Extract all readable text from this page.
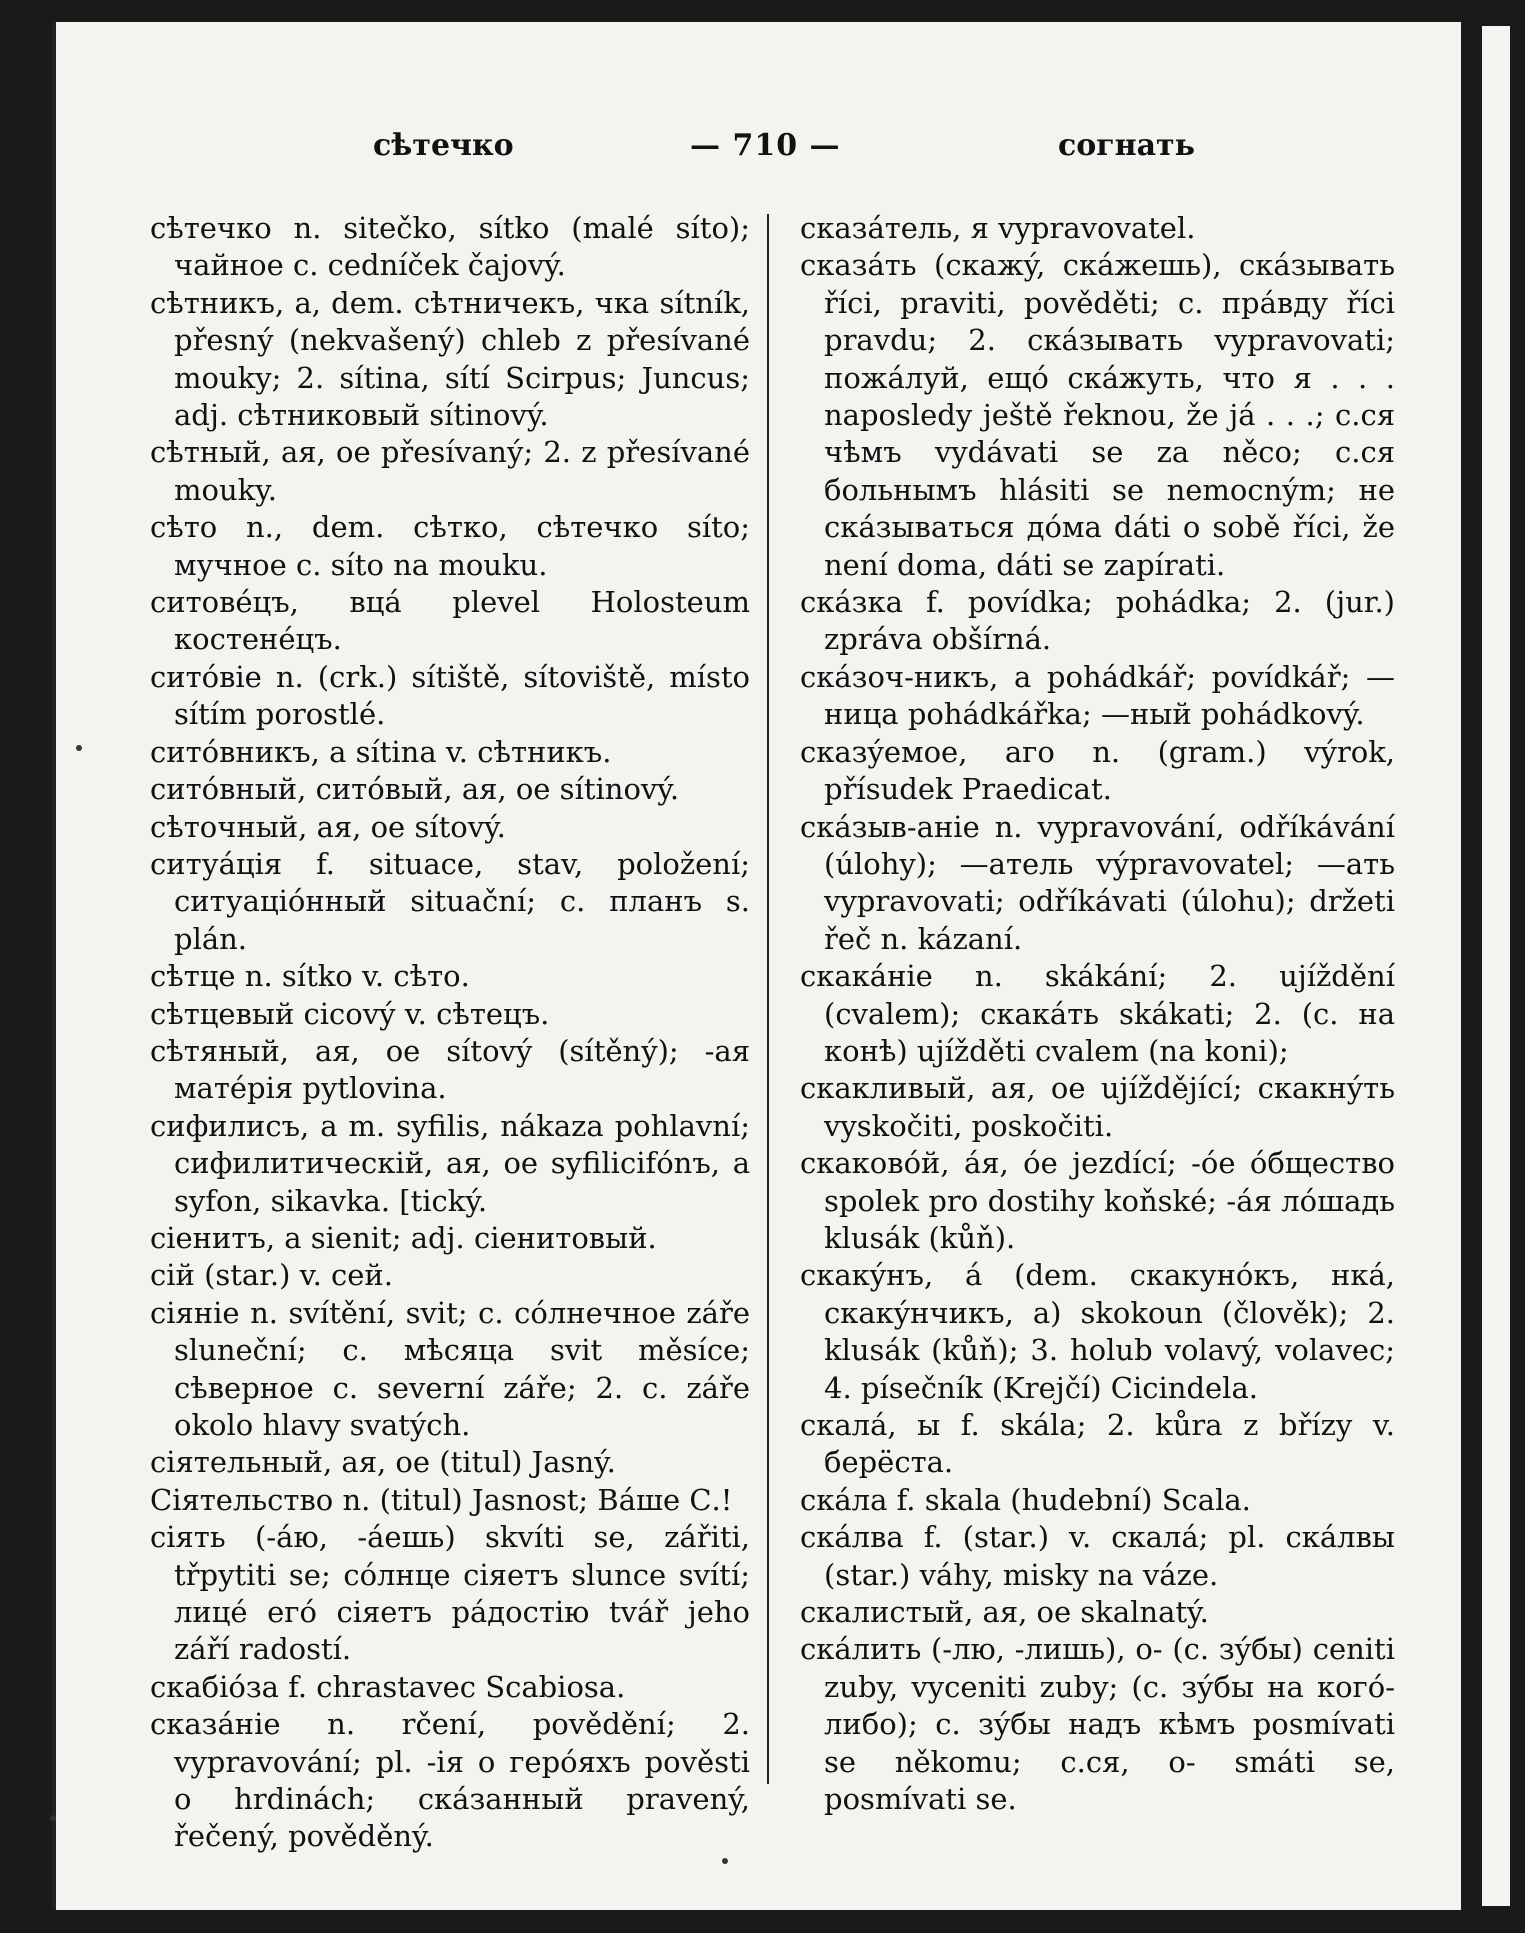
сѣтечко	— 710 —	согнать

сѣтечко n. sitečko, sítko (malé síto); чайное с. cedníček čajový.

сѣтникъ, a, dem. сѣтничекъ, чка sítník, přesný (nekvašený) chleb z přesívané mouky; 2. sítina, sítí Scirpus; Juncus; adj. сѣтниковый sítinový.

сѣтный, ая, ое přesívaný; 2. z přesívané mouky.

сѣто n., dem. сѣтко, сѣтечко síto; мучное с. síto na mouku.

ситовéцъ, вцá plevel Holosteum костенéцъ.

ситóвіе n. (crk.) sítiště, sítoviště, místo sítím porostlé.

ситóвникъ, a sítina v. сѣтникъ.

ситóвный, ситóвый, ая, ое sítinový.

сѣточный, ая, ое sítový.

ситуáція f. situace, stav, položení; ситуаціóнный situační; с. планъ s. plán.

сѣтце n. sítko v. сѣто.

сѣтцевый cicový v. сѣтецъ.

сѣтяный, ая, ое sítový (sítěný); -ая матéрія pytlovina.

сифилисъ, a m. syfilis, nákaza pohlavní; сифилитическій, ая, ое syfilicifónъ, a syfon, sikavka. [tický.

сіенитъ, a sienit; adj. сіенитовый.

сій (star.) v. сей.

сіяніе n. svítění, svit; с. сóлнечное záře sluneční; с. мѣсяца svit měsíce; сѣверное с. severní záře; 2. с. záře okolo hlavy svatých.

сіятельный, ая, ое (titul) Jasný.

Сіятельство n. (titul) Jasnost; Вáше С.!

сіять (-áю, -áешь) skvíti se, zářiti, třpytiti se; сóлнце сіяетъ slunce svítí; лицé егó сіяетъ рáдостію tvář jeho září radostí.

скабіóза f. chrastavec Scabiosa.

сказáніе n. rčení, povědění; 2. vypravování; pl. -ія о герóяхъ pověsti o hrdinách; скáзанный pravený, řečený, pověděný.

сказáтель, я vypravovatel.

сказáть (скажý, скáжешь), скáзывать říci, praviti, pověděti; с. прáвду říci pravdu; 2. скáзывать vypravovati; пожáлуй, ещó скáжуть, что я . . . naposledy ještě řeknou, že já . . .; с.ся чѣмъ vydávati se za něco; с.ся больнымъ hlásiti se nemocným; не скáзываться дóма dáti o sobě říci, že není doma, dáti se zapírati.

скáзка f. povídka; pohádka; 2. (jur.) zpráva obšírná.

скáзоч-никъ, a pohádkář; povídkář; —ница pohádkářka; —ный pohádkový.

сказýемое, aго n. (gram.) výrok, přísudek Praedicat.

скáзыв-аніе n. vypravování, odříkávání (úlohy); —атель výpravovatel; —ать vypravovati; odříkávati (úlohu); držeti řeč n. kázaní.

скакáніе n. skákání; 2. ujíždění (cvalem); скакáть skákati; 2. (с. на конѣ) ujížděti cvalem (na koni);

скакливый, ая, ое ujíždějící; скакнýть vyskočiti, poskočiti.

скаковóй, áя, óе jezdící; -óе óбщество spolek pro dostihy koňské; -áя лóшадь klusák (kůň).

скакýнъ, á (dem. скакунóкъ, нкá, скакýнчикъ, a) skokoun (člověk); 2. klusák (kůň); 3. holub volavý, volavec; 4. písečník (Krejčí) Cicindela.

скалá, ы f. skála; 2. kůra z břízy v. берёста.

скáла f. skala (hudební) Scala.

скáлва f. (star.) v. скалá; pl. скáлвы (star.) váhy, misky na váze.

скалистый, ая, ое skalnatý.

скáлить (-лю, -лишь), о- (с. зýбы) ceniti zuby, vyceniti zuby; (с. зýбы на когó-либо); с. зýбы надъ кѣмъ posmívati se někomu; с.ся, о- smáti se, posmívati se.
